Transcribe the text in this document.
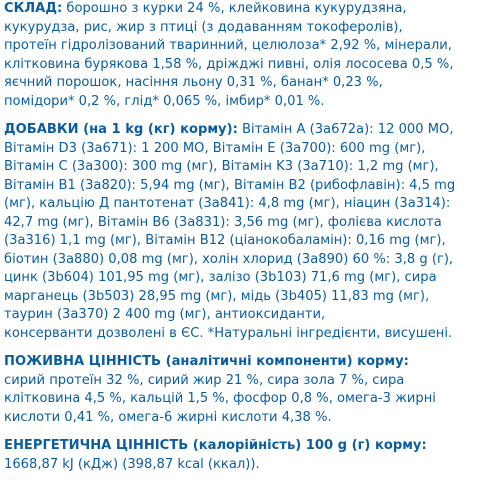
СКЛАД: борошно з курки 24 %, клейковина кукурудзяна,
кукурудза, рис, жир з птиці (з додаванням токоферолів),
протеїн гідролізований тваринний, целюлоза* 2,92 %, мінерали,
клітковина бурякова 1,58 %, дріжджі пивні, олія лососева 0,5 %,
яєчний порошок, насіння льону 0,31 %, банан* 0,23 %,
помідори* 0,2 %, глід* 0,065 %, імбир* 0,01 %.
ДОБАВКИ (на 1 kg (кг) корму): Вітамін А (3a672a): 12 000 МО,
Вітамін D3 (3a671): 1 200 МО, Вітамін Е (3a700): 600 mg (мг),
Вітамін С (3a300): 300 mg (мг), Вітамін K3 (3a710): 1,2 mg (мг),
Вітамін B1 (3a820): 5,94 mg (мг), Вітамін B2 (рибофлавін): 4,5 mg
(мг), кальцію Д пантотенат (3a841): 4,8 mg (мг), ніацин (3a314):
42,7 mg (мг), Вітамін В6 (3a831): 3,56 mg (мг), фолієва кислота
(3a316) 1,1 mg (мг), Вітамін В12 (ціанокобаламін): 0,16 mg (мг),
біотин (3a880) 0,08 mg (мг), холін хлорид (3a890) 60 %: 3,8 g (г),
цинк (3b604) 101,95 mg (мг), залізо (3b103) 71,6 mg (мг), сира
марганець (3b503) 28,95 mg (мг), мідь (3b405) 11,83 mg (мг),
таурин (3a370) 2 400 mg (мг), антиоксиданти,
консерванти дозволені в ЄС. *Натуральні інгредієнти, висушені.
ПОЖИВНА ЦІННІСТЬ (аналітичні компоненти) корму:
сирий протеїн 32 %, сирий жир 21 %, сира зола 7 %, сира
клітковина 4,5 %, кальцій 1,5 %, фосфор 0,8 %, омега-3 жирні
кислоти 0,41 %, омега-6 жирні кислоти 4,38 %.
ЕНЕРГЕТИЧНА ЦІННІСТЬ (калорійність) 100 g (г) корму:
1668,87 kJ (кДж) (398,87 kcal (ккал)).
